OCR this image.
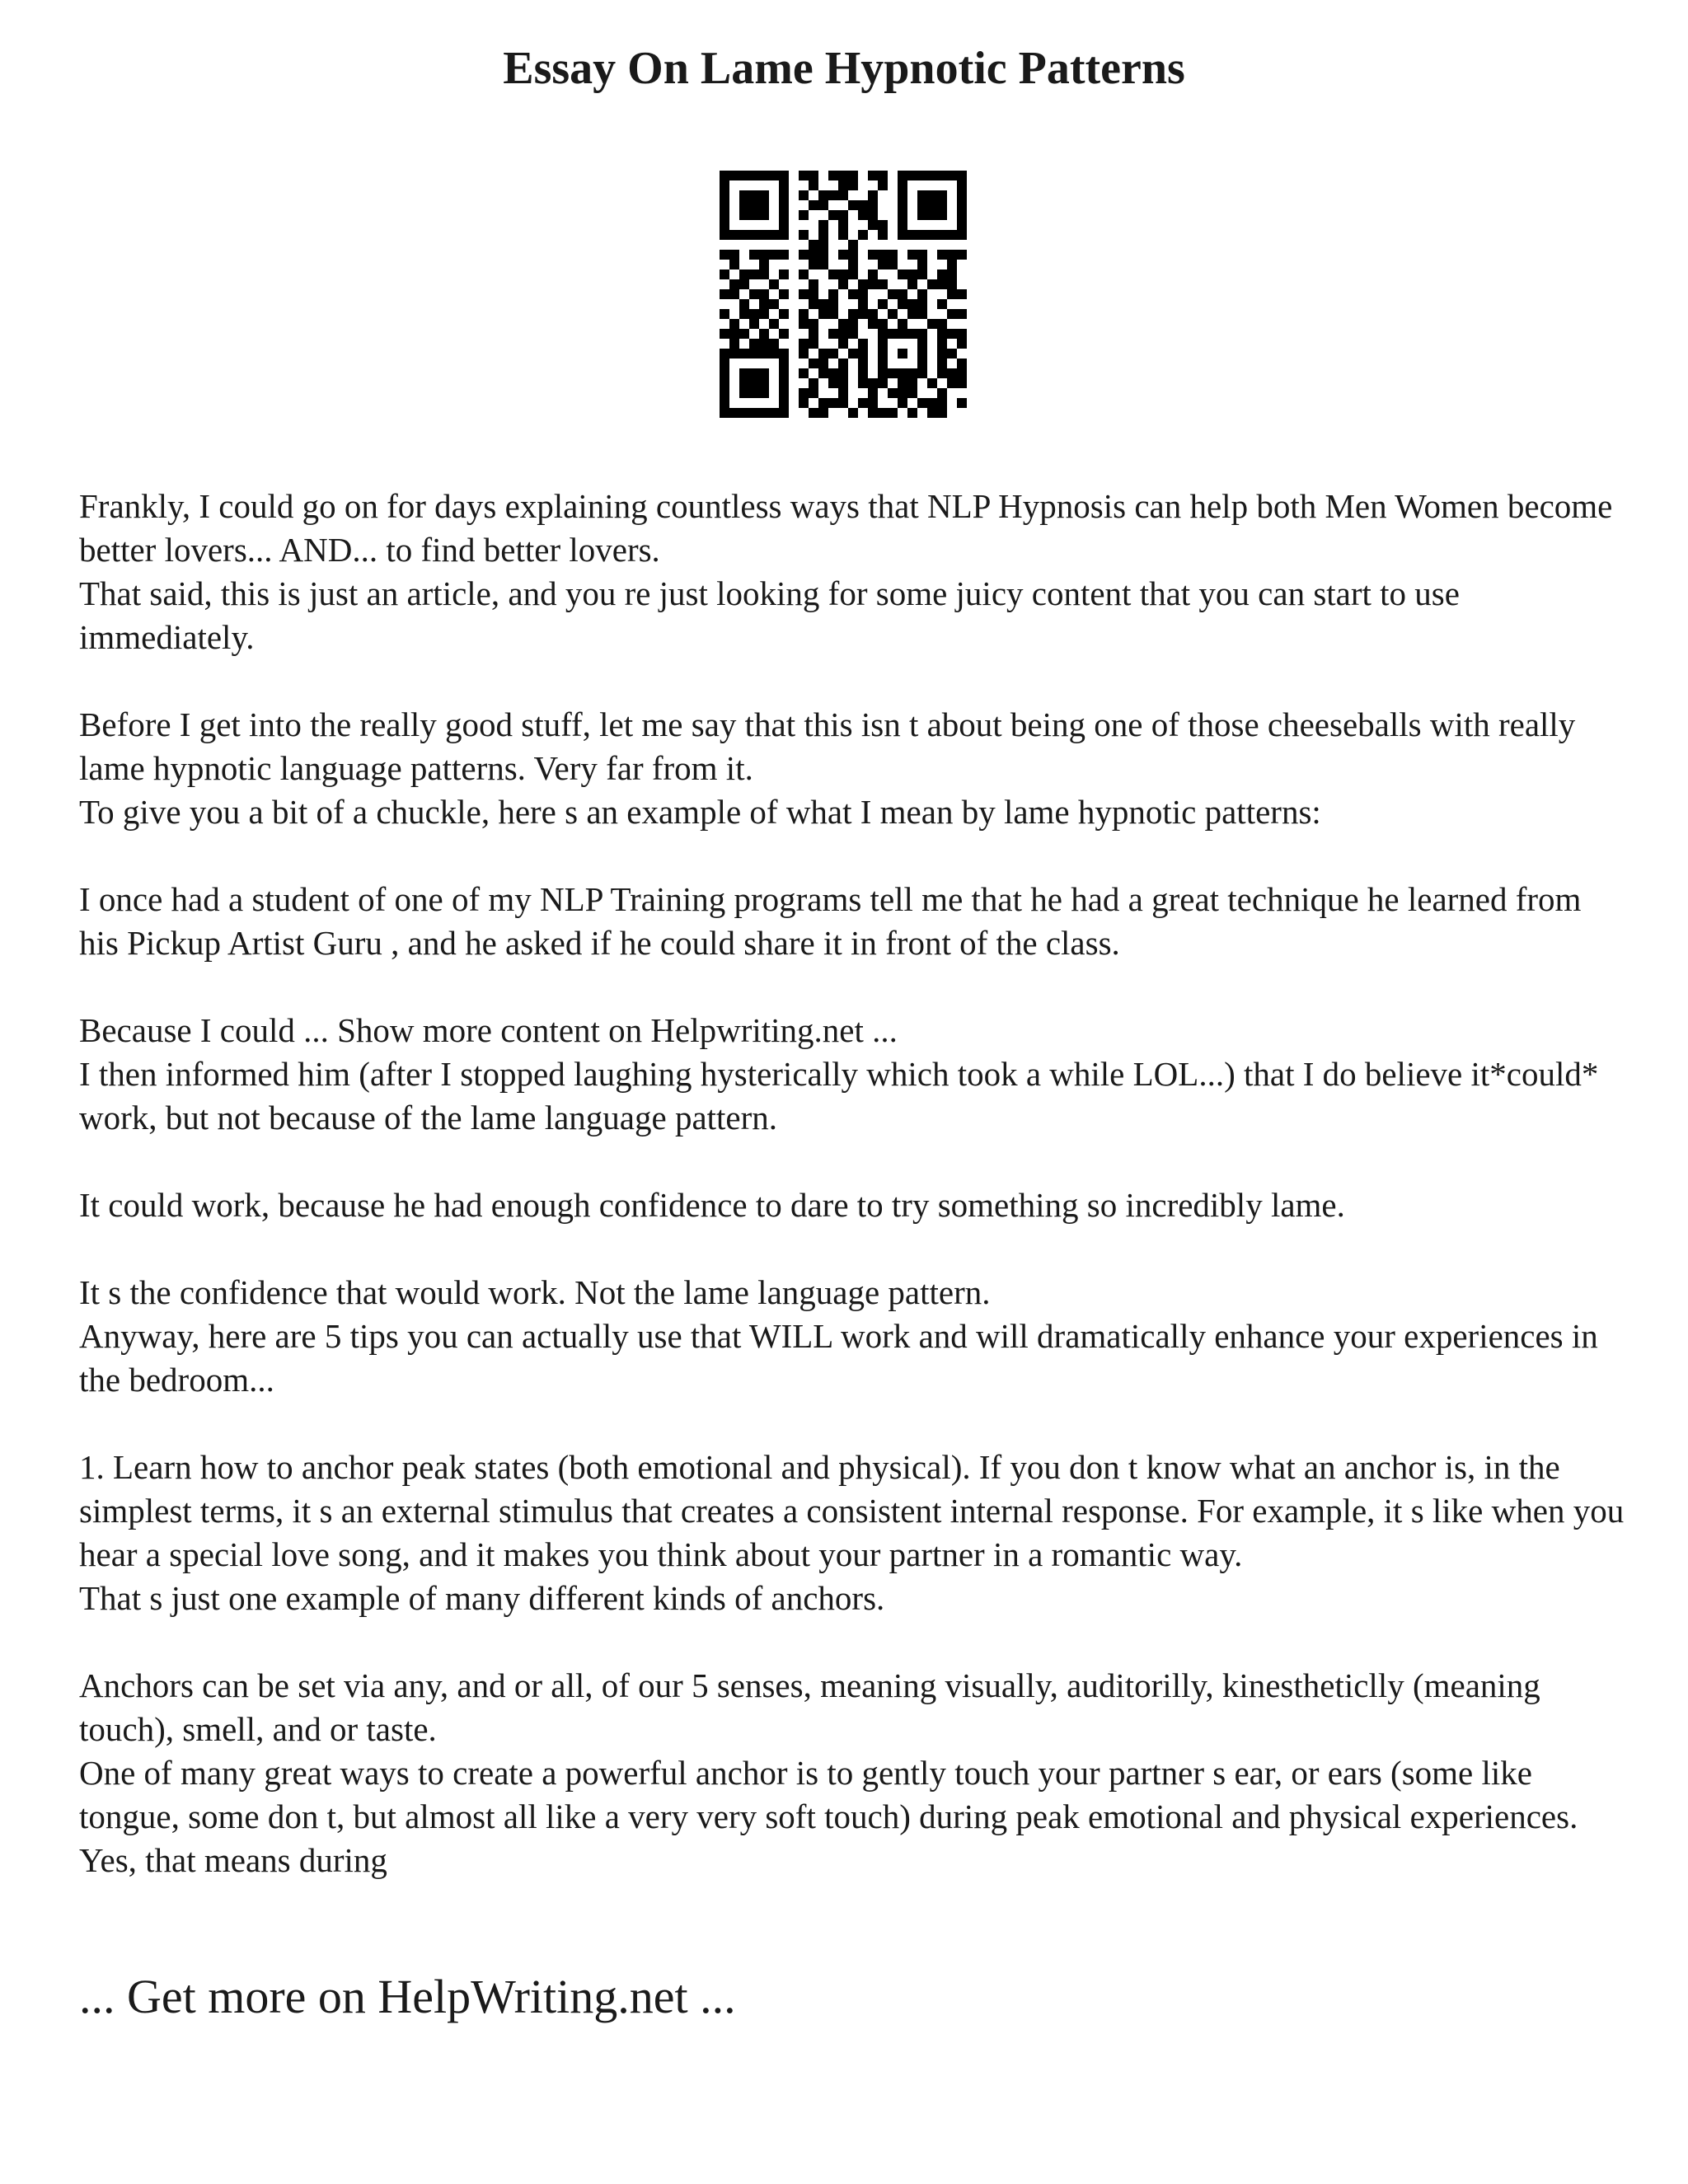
Essay On Lame Hypnotic Patterns

Frankly, I could go on for days explaining countless ways that NLP Hypnosis can help both Men Women become better lovers... AND... to find better lovers.
That said, this is just an article, and you re just looking for some juicy content that you can start to use immediately.

Before I get into the really good stuff, let me say that this isn t about being one of those cheeseballs with really lame hypnotic language patterns. Very far from it.
To give you a bit of a chuckle, here s an example of what I mean by lame hypnotic patterns:

I once had a student of one of my NLP Training programs tell me that he had a great technique he learned from his Pickup Artist Guru , and he asked if he could share it in front of the class.

Because I could ... Show more content on Helpwriting.net ...
I then informed him (after I stopped laughing hysterically which took a while LOL...) that I do believe it*could* work, but not because of the lame language pattern.

It could work, because he had enough confidence to dare to try something so incredibly lame.

It s the confidence that would work. Not the lame language pattern.
Anyway, here are 5 tips you can actually use that WILL work and will dramatically enhance your experiences in the bedroom...

1. Learn how to anchor peak states (both emotional and physical). If you don t know what an anchor is, in the simplest terms, it s an external stimulus that creates a consistent internal response. For example, it s like when you hear a special love song, and it makes you think about your partner in a romantic way.
That s just one example of many different kinds of anchors.

Anchors can be set via any, and or all, of our 5 senses, meaning visually, auditorilly, kinestheticlly (meaning touch), smell, and or taste.
One of many great ways to create a powerful anchor is to gently touch your partner s ear, or ears (some like tongue, some don t, but almost all like a very very soft touch) during peak emotional and physical experiences. Yes, that means during

... Get more on HelpWriting.net ...
